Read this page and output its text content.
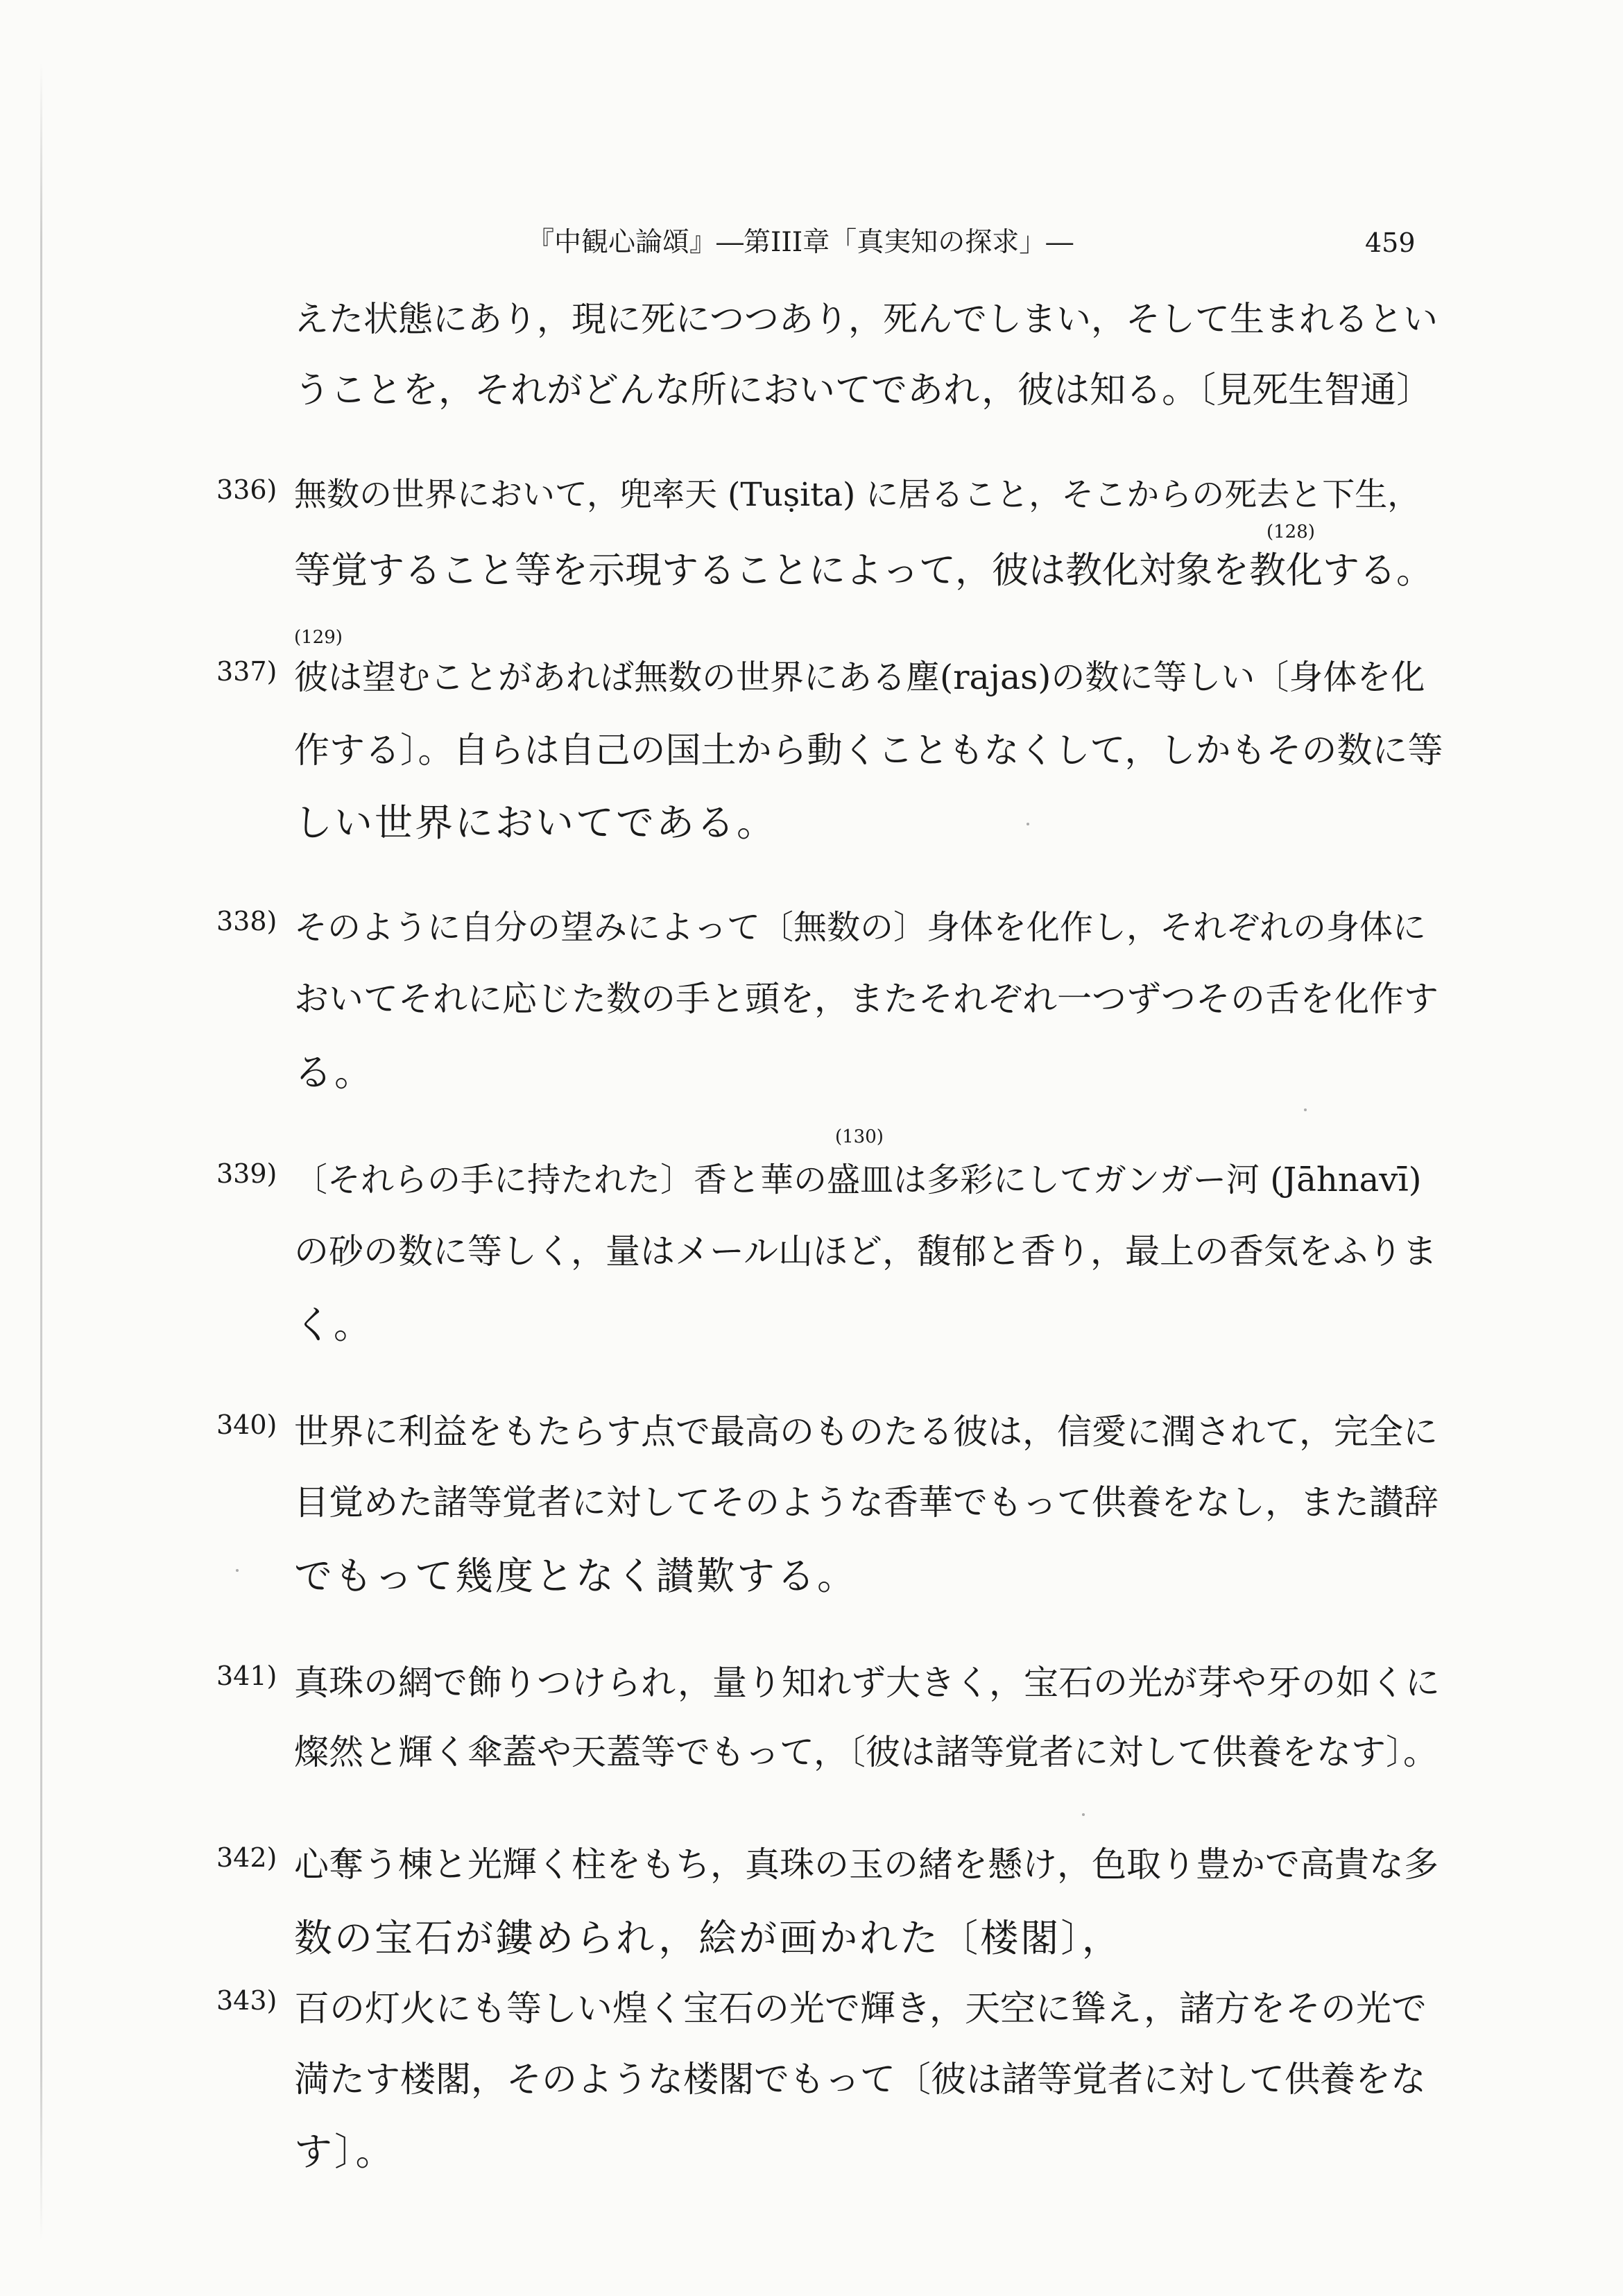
『中観心論頌』―第III章「真実知の探求」―	459
えた状態にあり，現に死につつあり，死んでしまい，そして生まれるとい
うことを，それがどんな所においてであれ，彼は知る。〔見死生智通〕
336) 無数の世界において，兜率天 (Tuṣita) に居ること，そこからの死去と下生，
(128)
等覚すること等を示現することによって，彼は教化対象を教化する。
(129)
337) 彼は望むことがあれば無数の世界にある塵(rajas)の数に等しい〔身体を化
作する〕。自らは自己の国土から動くこともなくして，しかもその数に等
しい世界においてである。
338) そのように自分の望みによって〔無数の〕身体を化作し，それぞれの身体に
おいてそれに応じた数の手と頭を，またそれぞれ一つずつその舌を化作す
る。
(130)
339) 〔それらの手に持たれた〕香と華の盛皿は多彩にしてガンガー河 (Jāhnavī)
の砂の数に等しく，量はメール山ほど，馥郁と香り，最上の香気をふりま
く。
340) 世界に利益をもたらす点で最高のものたる彼は，信愛に潤されて，完全に
目覚めた諸等覚者に対してそのような香華でもって供養をなし，また讃辞
でもって幾度となく讃歎する。
341) 真珠の網で飾りつけられ，量り知れず大きく，宝石の光が芽や牙の如くに
燦然と輝く傘蓋や天蓋等でもって，〔彼は諸等覚者に対して供養をなす〕。
342) 心奪う棟と光輝く柱をもち，真珠の玉の緒を懸け，色取り豊かで高貴な多
数の宝石が鏤められ，絵が画かれた〔楼閣〕，
343) 百の灯火にも等しい煌く宝石の光で輝き，天空に聳え，諸方をその光で
満たす楼閣，そのような楼閣でもって〔彼は諸等覚者に対して供養をな
す〕。
